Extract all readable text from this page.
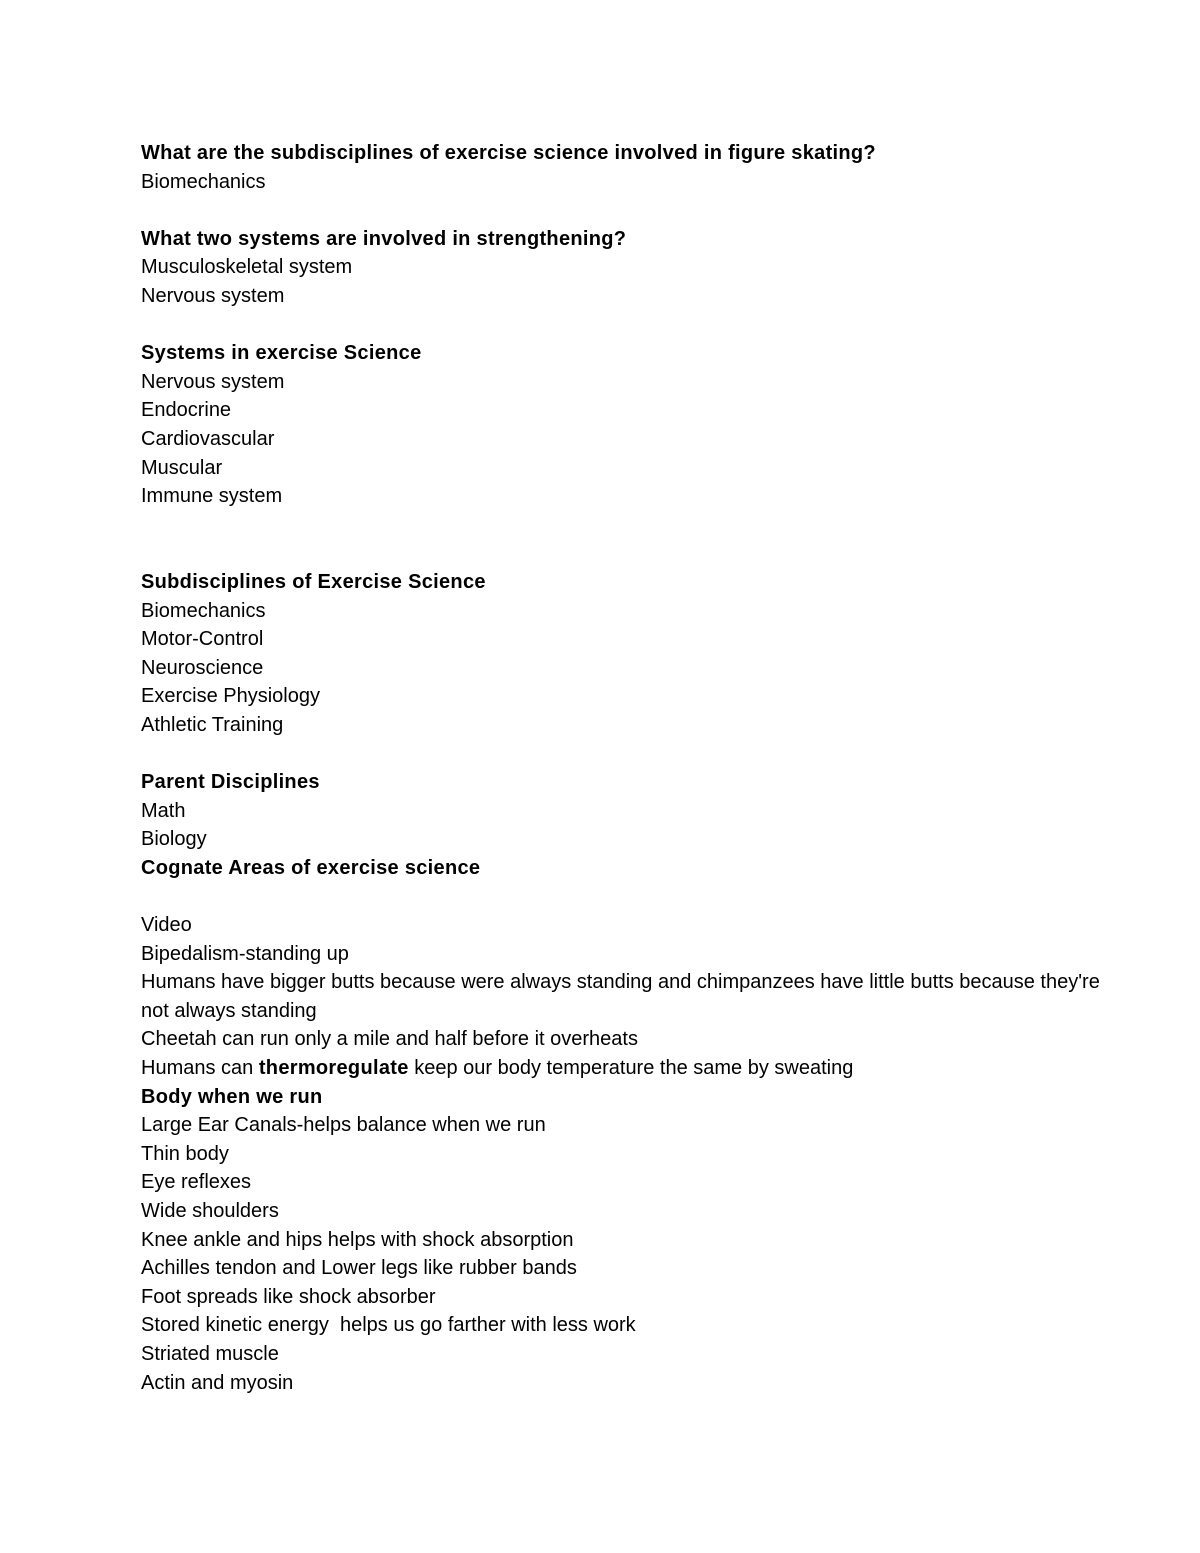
What are the subdisciplines of exercise science involved in figure skating?
Biomechanics
What two systems are involved in strengthening?
Musculoskeletal system
Nervous system
Systems in exercise Science
Nervous system
Endocrine
Cardiovascular
Muscular
Immune system
Subdisciplines of Exercise Science
Biomechanics
Motor-Control
Neuroscience
Exercise Physiology
Athletic Training
Parent Disciplines
Math
Biology
Cognate Areas of exercise science
Video
Bipedalism-standing up
Humans have bigger butts because were always standing and chimpanzees have little butts because they're not always standing
Cheetah can run only a mile and half before it overheats
Humans can thermoregulate keep our body temperature the same by sweating
Body when we run
Large Ear Canals-helps balance when we run
Thin body
Eye reflexes
Wide shoulders
Knee ankle and hips helps with shock absorption
Achilles tendon and Lower legs like rubber bands
Foot spreads like shock absorber
Stored kinetic energy  helps us go farther with less work
Striated muscle
Actin and myosin
